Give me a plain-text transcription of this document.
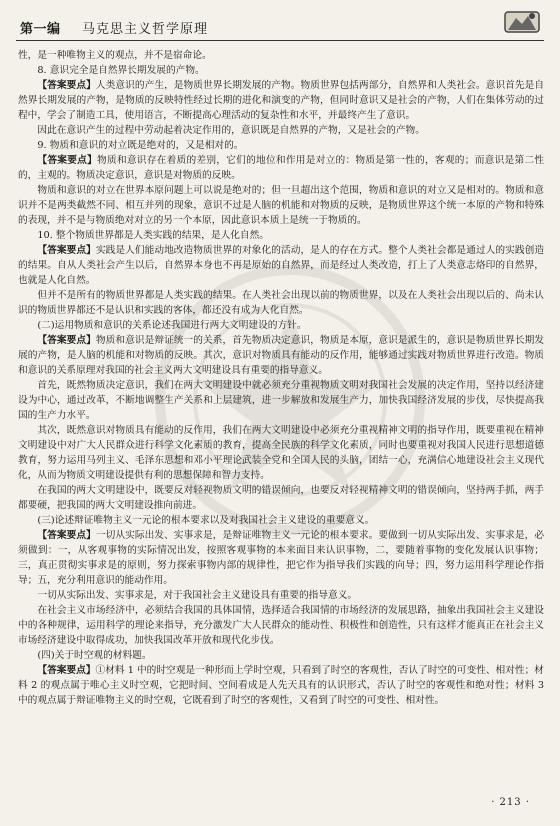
第一编 马克思主义哲学原理

性，是一种唯物主义的观点，并不是宿命论。

8. 意识完全是自然界长期发展的产物。

【答案要点】人类意识的产生，是物质世界长期发展的产物。物质世界包括两部分，自然界和人类社会。意识首先是自然界长期发展的产物，是物质的反映特性经过长期的进化和演变的产物，但同时意识又是社会的产物，人们在集体劳动的过程中，学会了制造工具，使用语言，不断提高心理活动的复杂性和水平，并最终产生了意识。

因此在意识产生的过程中劳动起着决定作用的，意识既是自然界的产物，又是社会的产物。

9. 物质和意识的对立既是绝对的，又是相对的。

【答案要点】物质和意识存在着质的差别，它们的地位和作用是对立的：物质是第一性的，客观的；而意识是第二性的，主观的。物质决定意识，意识是对物质的反映。

物质和意识的对立在世界本原问题上可以说是绝对的；但一旦超出这个范围，物质和意识的对立又是相对的。物质和意识并不是两类截然不同、相互并列的现象，意识不过是人脑的机能和对物质的反映，是物质世界这个统一本原的产物和特殊的表现，并不是与物质绝对对立的另一个本原，因此意识本质上是统一于物质的。

10. 整个物质世界都是人类实践的结果，是人化自然。

【答案要点】实践是人们能动地改造物质世界的对象化的活动，是人的存在方式。整个人类社会都是通过人的实践创造的结果。自从人类社会产生以后，自然界本身也不再是原始的自然界，而是经过人类改造，打上了人类意志烙印的自然界，也就是人化自然。

但并不是所有的物质世界都是人类实践的结果。在人类社会出现以前的物质世界，以及在人类社会出现以后的、尚未认识的物质世界都还不是认识和实践的客体，都还没有成为人化自然。

(二)运用物质和意识的关系论述我国进行两大文明建设的方针。

【答案要点】物质和意识是辩证统一的关系，首先物质决定意识，物质是本原，意识是派生的，意识是物质世界长期发展的产物，是人脑的机能和对物质的反映。其次，意识对物质具有能动的反作用，能够通过实践对物质世界进行改造。物质和意识的关系原理对我国的社会主义两大文明建设具有重要的指导意义。

首先，既然物质决定意识，我们在两大文明建设中就必须充分重视物质文明对我国社会发展的决定作用，坚持以经济建设为中心，通过改革，不断地调整生产关系和上层建筑，进一步解放和发展生产力，加快我国经济发展的步伐，尽快提高我国的生产力水平。

其次，既然意识对物质具有能动的反作用，我们在两大文明建设中必须充分重视精神文明的指导作用，既要重视在精神文明建设中对广大人民群众进行科学文化素质的教育，提高全民族的科学文化素质，同时也要重视对我国人民进行思想道德教育，努力运用马列主义、毛泽东思想和邓小平理论武装全党和全国人民的头脑，团结一心，充满信心地建设社会主义现代化，从而为物质文明建设提供有利的思想保障和智力支持。

在我国的两大文明建设中，既要反对轻视物质文明的错误倾向，也要反对轻视精神文明的错误倾向，坚持两手抓，两手都要硬，把我国的两大文明建设推向前进。

(三)论述辩证唯物主义一元论的根本要求以及对我国社会主义建设的重要意义。

【答案要点】一切从实际出发、实事求是，是辩证唯物主义一元论的根本要求。要做到一切从实际出发、实事求是，必须做到：一，从客观事物的实际情况出发，按照客观事物的本来面目来认识事物，二，要随着事物的变化发展认识事物；三，真正贯彻实事求是的原则，努力探索事物内部的规律性，把它作为指导我们实践的向导；四，努力运用科学理论作指导；五，充分利用意识的能动作用。

一切从实际出发、实事求是，对于我国社会主义建设具有重要的指导意义。

在社会主义市场经济中，必须结合我国的具体国情，选择适合我国情的市场经济的发展思路，抽象出我国社会主义建设中的各种规律，运用科学的理论来指导，充分激发广大人民群众的能动性、积极性和创造性，只有这样才能真正在社会主义市场经济建设中取得成功，加快我国改革开放和现代化步伐。

(四)关于时空观的材料题。

【答案要点】①材料 1 中的时空观是一种形而上学时空观，只看到了时空的客观性，否认了时空的可变性、相对性；材料 2 的观点属于唯心主义时空观，它把时间、空间看成是人先天具有的认识形式，否认了时空的客观性和绝对性；材料 3 中的观点属于辩证唯物主义的时空观，它既看到了时空的客观性，又看到了时空的可变性、相对性。

· 213 ·
